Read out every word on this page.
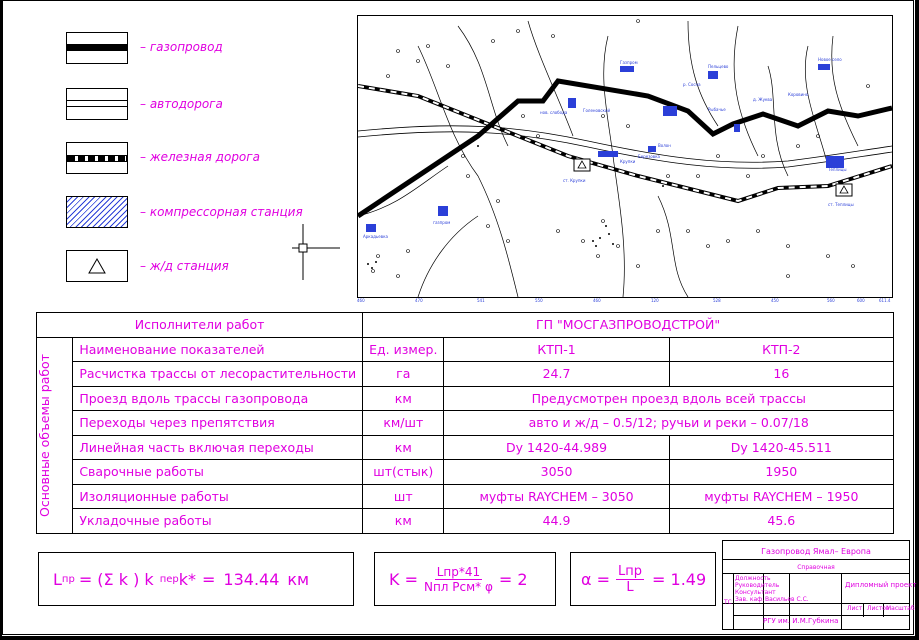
– газопровод
– автодорога
– железная дорога
– компрессорная станция
– ж/д станция
Аркадьевка
газпром
Газпром
Пельцево
нов. слобода	Голеновский
Волон
ст. Крупки
Крупки
Березовка
Рыбачье
д. Жуква
Коровино
Новое село
Теплицы
ст. Теплицы
р. Сосна
460	470	541	550	460	120	528	450	560	600	611.4
Исполнители работ		ГП "МОСГАЗПРОВОДСТРОЙ"		

Основные объемы работ	Наименование показателей	Ед. измер.	КТП-1	КТП-2
	Расчистка трассы от лесорастительности	га	24.7	16
	Проезд вдоль трассы газопровода	км	Предусмотрен проезд вдоль всей трассы	
	Переходы через препятствия	км/шт	авто и ж/д – 0.5/12; ручьи и реки – 0.07/18	
	Линейная часть включая переходы	км	Dy 1420-44.989	Dy 1420-45.511
	Сварочные работы	шт(стык)	3050	1950
	Изоляционные работы	шт	муфты RAYCHEM – 3050	муфты RAYCHEM – 1950
	Укладочные работы	км	44.9	45.6
L пр = (Σ k ) k пер k* = 134.44 км	K = Lпр*41
Nпл Pсм* φ = 2	α = Lпр
L = 1.49
Газопровод Ямал– Европа
Справочная
Должность
Руководитель
Консультант
Зав. каф. Васильев С.С.
Дипломный проект
Лист Листов
Масштаб
ТС
РГУ им. И.М.Губкина
